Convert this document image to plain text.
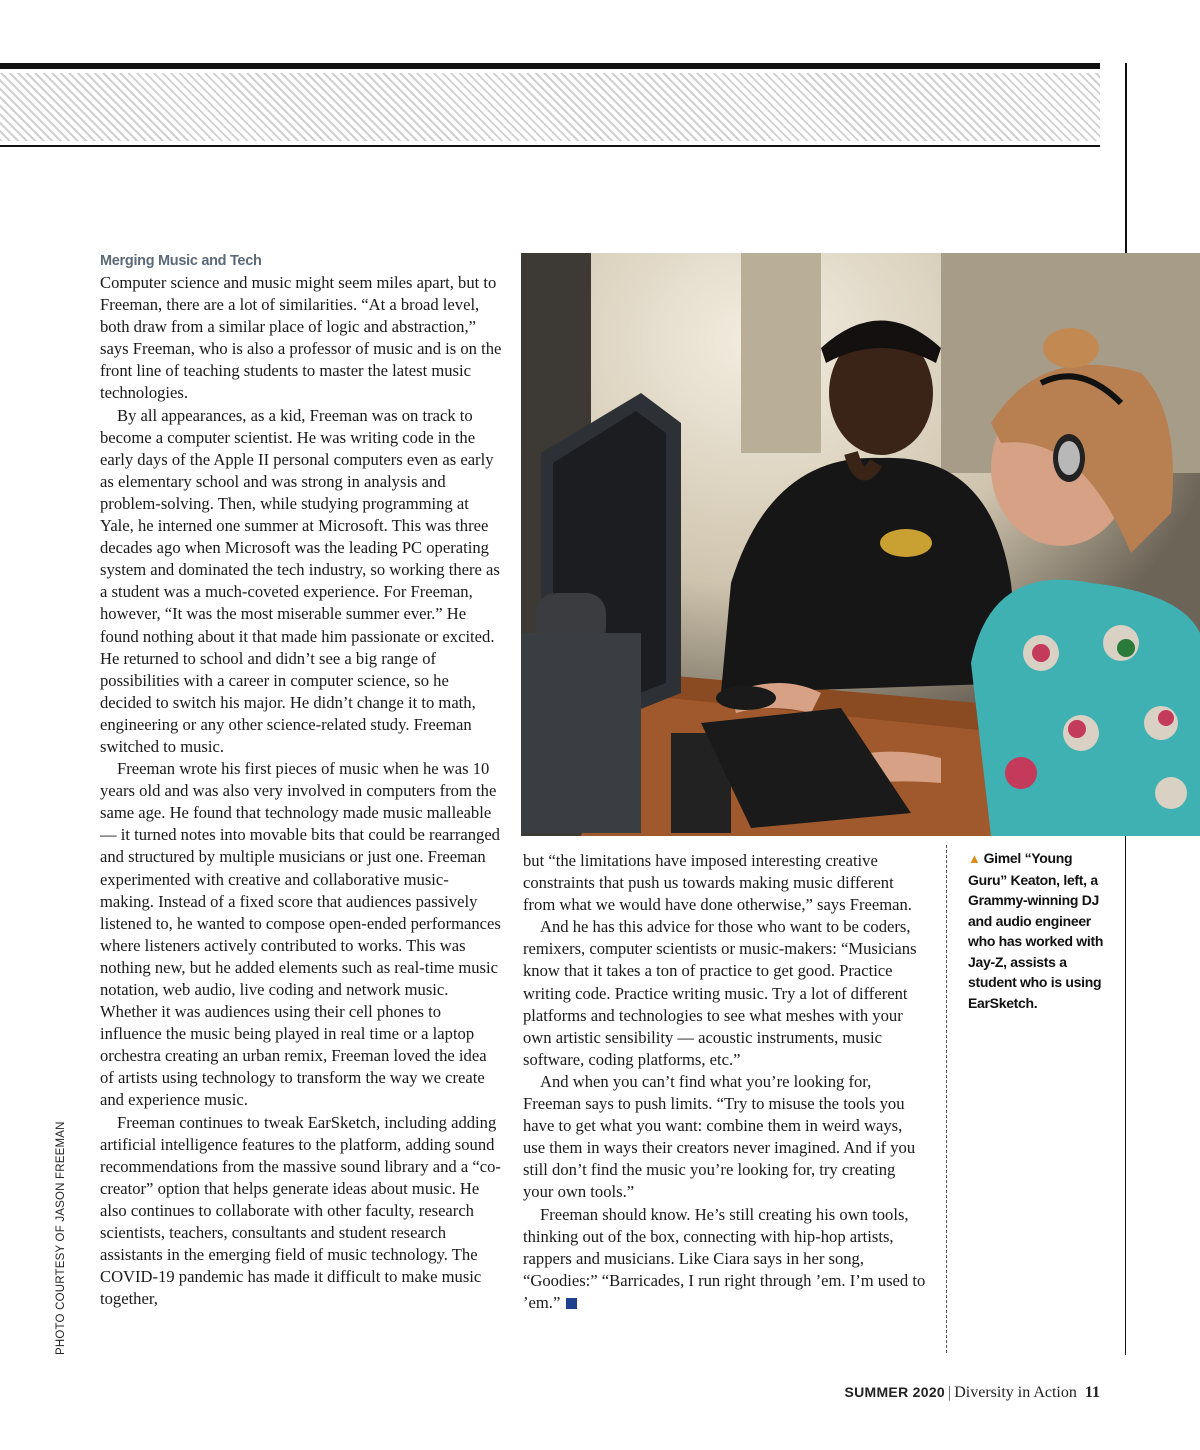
Merging Music and Tech

Computer science and music might seem miles apart, but to Freeman, there are a lot of similarities. “At a broad level, both draw from a similar place of logic and abstraction,” says Freeman, who is also a professor of music and is on the front line of teaching students to master the latest music technologies.

By all appearances, as a kid, Freeman was on track to become a computer scientist. He was writing code in the early days of the Apple II personal computers even as early as elementary school and was strong in analysis and problem-solving. Then, while studying programming at Yale, he interned one summer at Microsoft. This was three decades ago when Microsoft was the leading PC operating system and dominated the tech industry, so working there as a student was a much-coveted experience. For Freeman, however, “It was the most miserable summer ever.” He found nothing about it that made him passionate or excited. He returned to school and didn’t see a big range of possibilities with a career in computer science, so he decided to switch his major. He didn’t change it to math, engineering or any other science-related study. Freeman switched to music.

Freeman wrote his first pieces of music when he was 10 years old and was also very involved in computers from the same age. He found that technology made music malleable — it turned notes into movable bits that could be rearranged and structured by multiple musicians or just one. Freeman experimented with creative and collaborative music-making. Instead of a fixed score that audiences passively listened to, he wanted to compose open-ended performances where listeners actively contributed to works. This was nothing new, but he added elements such as real-time music notation, web audio, live coding and network music. Whether it was audiences using their cell phones to influence the music being played in real time or a laptop orchestra creating an urban remix, Freeman loved the idea of artists using technology to transform the way we create and experience music.

Freeman continues to tweak EarSketch, including adding artificial intelligence features to the platform, adding sound recommendations from the massive sound library and a “co-creator” option that helps generate ideas about music. He also continues to collaborate with other faculty, research scientists, teachers, consultants and student research assistants in the emerging field of music technology. The COVID-19 pandemic has made it difficult to make music together,

but “the limitations have imposed interesting creative constraints that push us towards making music different from what we would have done otherwise,” says Freeman.

And he has this advice for those who want to be coders, remixers, computer scientists or music-makers: “Musicians know that it takes a ton of practice to get good. Practice writing code. Practice writing music. Try a lot of different platforms and technologies to see what meshes with your own artistic sensibility — acoustic instruments, music software, coding platforms, etc.”

And when you can’t find what you’re looking for, Freeman says to push limits. “Try to misuse the tools you have to get what you want: combine them in weird ways, use them in ways their creators never imagined. And if you still don’t find the music you’re looking for, try creating your own tools.”

Freeman should know. He’s still creating his own tools, thinking out of the box, connecting with hip-hop artists, rappers and musicians. Like Ciara says in her song, “Goodies:” “Barricades, I run right through ’em. I’m used to ’em.”

▲ Gimel “Young Guru” Keaton, left, a Grammy-winning DJ and audio engineer who has worked with Jay-Z, assists a student who is using EarSketch.
PHOTO COURTESY OF JASON FREEMAN
SUMMER 2020 | Diversity in Action 11
